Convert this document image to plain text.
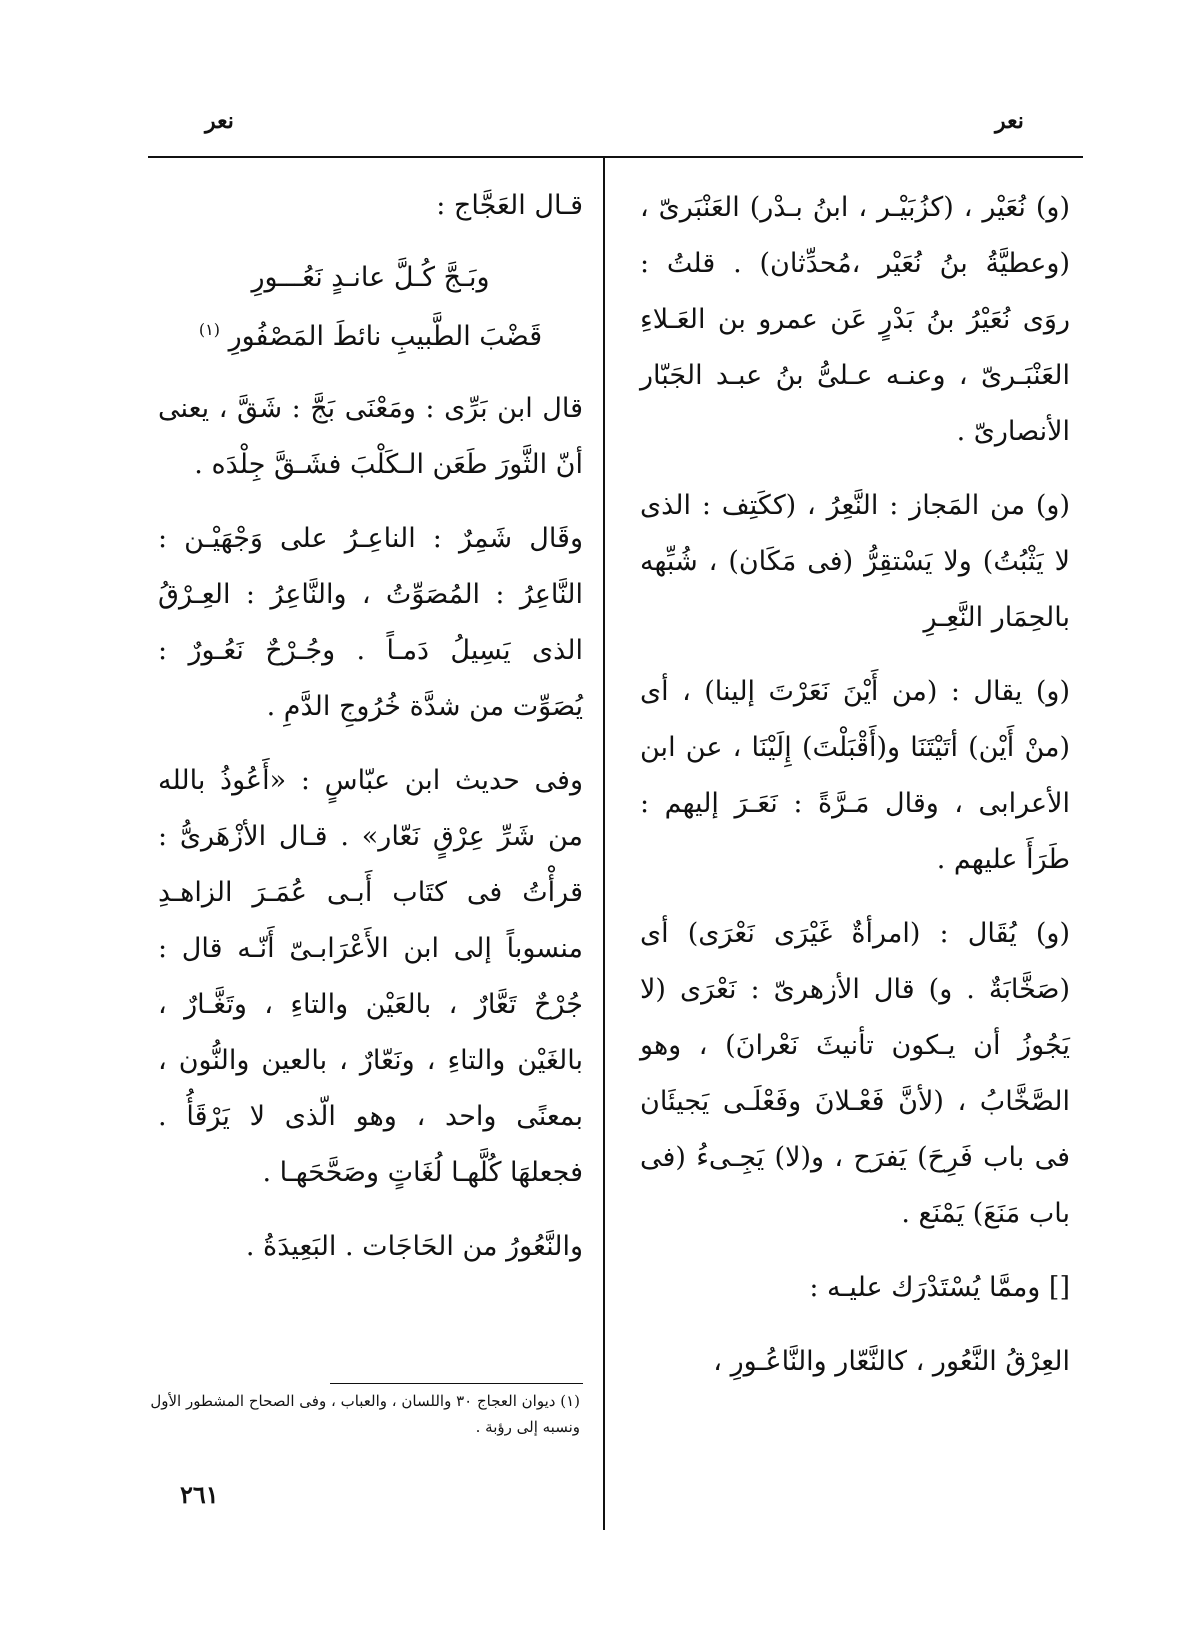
نعر
نعر

(و) نُعَيْر ، (كزُبَيْـر ، ابنُ بـدْر) العَنْبَرىّ ، (وعطيَّةُ بنُ نُعَيْر ،مُحدِّثان) . قلتُ : روَى نُعَيْرُ بنُ بَدْرٍ عَن عمرو بن العَـلاءِ العَنْبَـرىّ ، وعنـه عـلىُّ بنُ عبـد الجَبّار الأنصارىّ .

(و) من المَجاز : النَّعِرُ ، (ككَتِف : الذى لا يَثْبُتُ) ولا يَسْتقِرُّ (فى مَكَان) ، شُبِّهه بالحِمَار النَّعِـرِ

(و) يقال : (من أَيْنَ نَعَرْتَ إلينا) ، أى (منْ أَيْن) أتَيْتَنَا و(أَقْبَلْتَ) إِلَيْنَا ، عن ابن الأعرابى ، وقال مَـرَّةً : نَعَـرَ إليهم : طَرَأَ عليهم .

(و) يُقَال : (امرأةٌ غَيْرَى نَعْرَى) أى (صَخَّابَةٌ . و) قال الأزهرىّ : نَعْرَى (لا يَجُوزُ أن يـكون تأنيثَ نَعْرانَ) ، وهو الصَّخَّابُ ، (لأنَّ فَعْـلانَ وفَعْلَـى يَجيئَان فى باب فَرِحَ) يَفرَح ، و(لا) يَجِـىءُ (فى باب مَنَعَ) يَمْنَع .

[] وممَّا يُسْتَدْرَك عليـه :

العِرْقُ النَّعُور ، كالنَّعّار والنَّاعُـورِ ،

قـال العَجَّاج :

وبَـجَّ كُـلَّ عانـدٍ نَعُـــورِ
قَضْبَ الطَّبيبِ نائطَ المَصْفُورِ $^{(١)}$

قال ابن بَرِّى : ومَعْنَى بَجَّ : شَقَّ ، يعنى أنّ الثَّورَ طَعَن الـكَلْبَ فشَـقَّ جِلْدَه .

وقَال شَمِرٌ : الناعِـرُ على وَجْهَيْـن : النَّاعِرُ : المُصَوِّتُ ، والنَّاعِرُ : العِـرْقُ الذى يَسِيلُ دَمـاً . وجُـرْحٌ نَعُـورٌ : يُصَوِّت من شدَّة خُرُوجِ الدَّمِ .

وفى حديث ابن عبّاسٍ : «أَعُوذُ بالله من شَرِّ عِرْقٍ نَعّار» . قـال الأزْهَرىُّ : قرأْتُ فى كتَاب أَبـى عُمَـرَ الزاهـدِ منسوباً إلى ابن الأَعْرَابـىّ أَنّـه قال : جُرْحٌ تَعَّارٌ ، بالعَيْن والتاءِ ، وتَغَّـارٌ ، بالغَيْن والتاءِ ، ونَعّارٌ ، بالعين والنُّون ، بمعنًى واحد ، وهو الّذى لا يَرْقَأُ . فجعلهَا كُلَّهـا لُغَاتٍ وصَحَّحَهـا .

والنَّعُورُ من الحَاجَات . البَعِيدَةُ .

(١) ديوان العجاج ٣٠ واللسان ، والعباب ، وفى الصحاح المشطور الأول ونسبه إلى رؤبة .
٢٦١
